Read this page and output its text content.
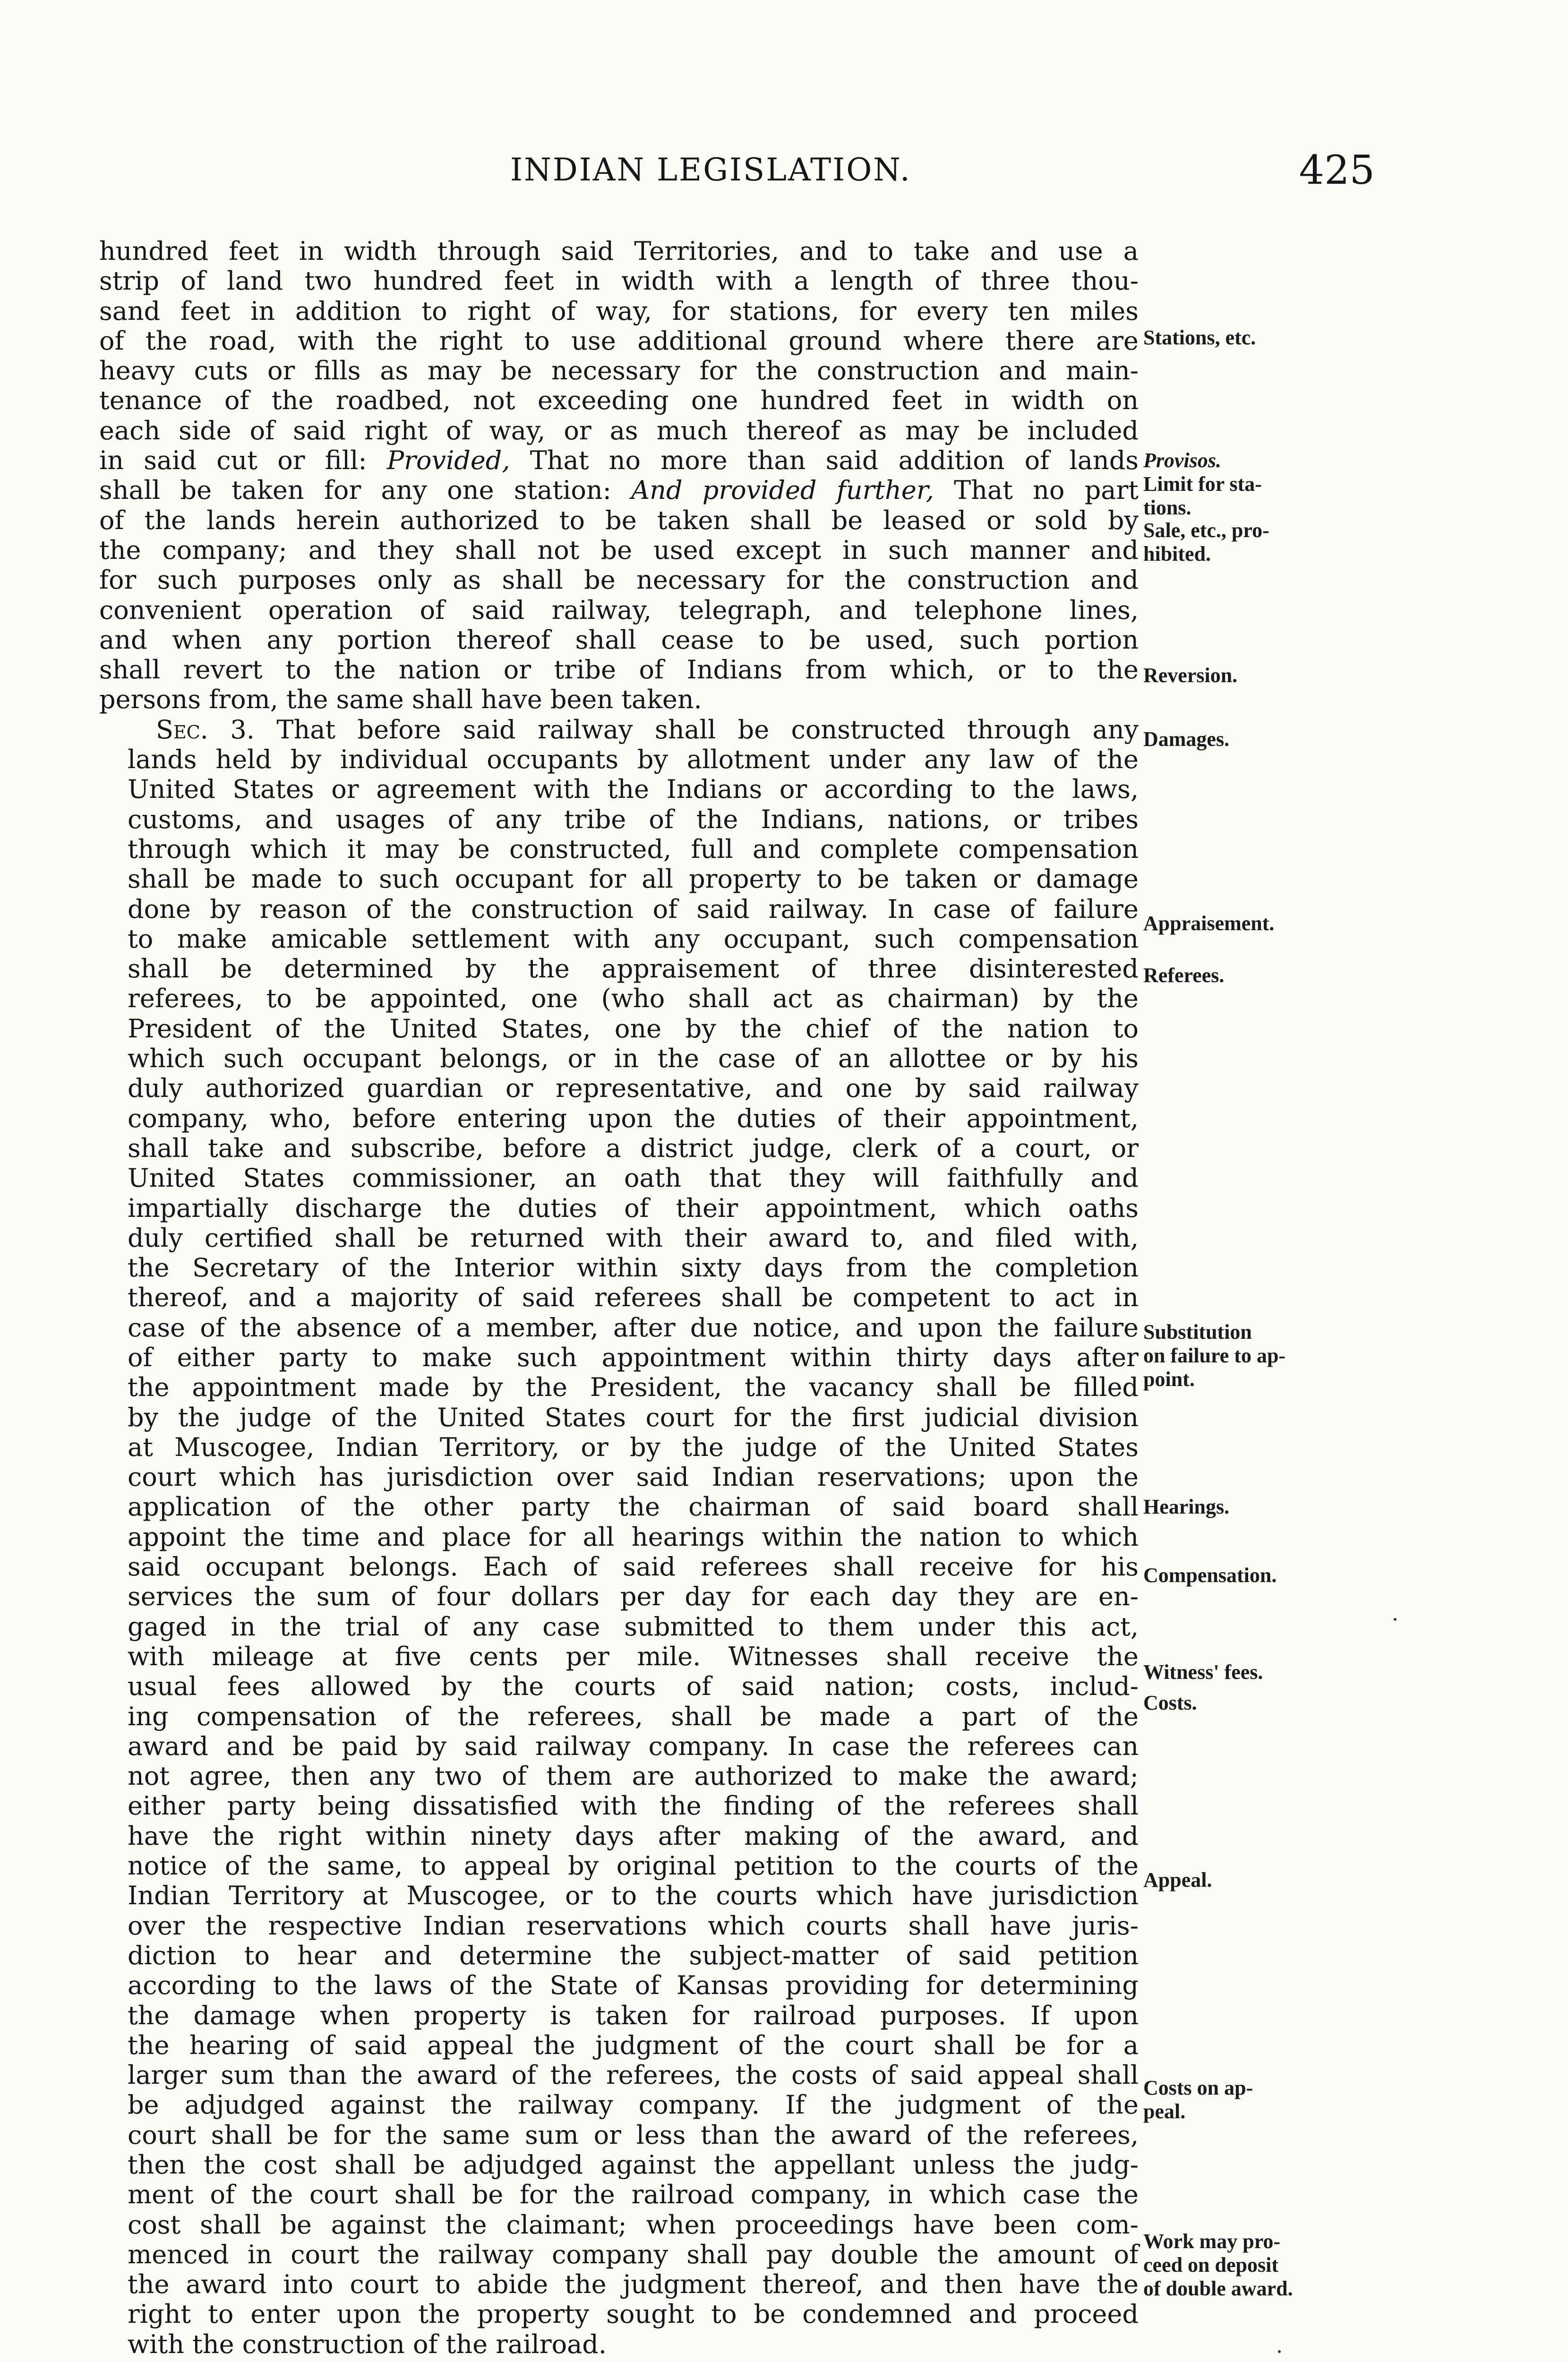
INDIAN LEGISLATION.	425

hundred feet in width through said Territories, and to take and use a
strip of land two hundred feet in width with a length of three thou-
sand feet in addition to right of way, for stations, for every ten miles
of the road, with the right to use additional ground where there are
heavy cuts or fills as may be necessary for the construction and main-
tenance of the roadbed, not exceeding one hundred feet in width on
each side of said right of way, or as much thereof as may be included
in said cut or fill: Provided, That no more than said addition of lands
shall be taken for any one station: And provided further, That no part
of the lands herein authorized to be taken shall be leased or sold by
the company; and they shall not be used except in such manner and
for such purposes only as shall be necessary for the construction and
convenient operation of said railway, telegraph, and telephone lines,
and when any portion thereof shall cease to be used, such portion
shall revert to the nation or tribe of Indians from which, or to the
persons from, the same shall have been taken.

Sec. 3. That before said railway shall be constructed through any
lands held by individual occupants by allotment under any law of the
United States or agreement with the Indians or according to the laws,
customs, and usages of any tribe of the Indians, nations, or tribes
through which it may be constructed, full and complete compensation
shall be made to such occupant for all property to be taken or damage
done by reason of the construction of said railway. In case of failure
to make amicable settlement with any occupant, such compensation
shall be determined by the appraisement of three disinterested
referees, to be appointed, one (who shall act as chairman) by the
President of the United States, one by the chief of the nation to
which such occupant belongs, or in the case of an allottee or by his
duly authorized guardian or representative, and one by said railway
company, who, before entering upon the duties of their appointment,
shall take and subscribe, before a district judge, clerk of a court, or
United States commissioner, an oath that they will faithfully and
impartially discharge the duties of their appointment, which oaths
duly certified shall be returned with their award to, and filed with,
the Secretary of the Interior within sixty days from the completion
thereof, and a majority of said referees shall be competent to act in
case of the absence of a member, after due notice, and upon the failure
of either party to make such appointment within thirty days after
the appointment made by the President, the vacancy shall be filled
by the judge of the United States court for the first judicial division
at Muscogee, Indian Territory, or by the judge of the United States
court which has jurisdiction over said Indian reservations; upon the
application of the other party the chairman of said board shall
appoint the time and place for all hearings within the nation to which
said occupant belongs. Each of said referees shall receive for his
services the sum of four dollars per day for each day they are en-
gaged in the trial of any case submitted to them under this act,
with mileage at five cents per mile. Witnesses shall receive the
usual fees allowed by the courts of said nation; costs, includ-
ing compensation of the referees, shall be made a part of the
award and be paid by said railway company. In case the referees can
not agree, then any two of them are authorized to make the award;
either party being dissatisfied with the finding of the referees shall
have the right within ninety days after making of the award, and
notice of the same, to appeal by original petition to the courts of the
Indian Territory at Muscogee, or to the courts which have jurisdiction
over the respective Indian reservations which courts shall have juris-
diction to hear and determine the subject-matter of said petition
according to the laws of the State of Kansas providing for determining
the damage when property is taken for railroad purposes. If upon
the hearing of said appeal the judgment of the court shall be for a
larger sum than the award of the referees, the costs of said appeal shall
be adjudged against the railway company. If the judgment of the
court shall be for the same sum or less than the award of the referees,
then the cost shall be adjudged against the appellant unless the judg-
ment of the court shall be for the railroad company, in which case the
cost shall be against the claimant; when proceedings have been com-
menced in court the railway company shall pay double the amount of
the award into court to abide the judgment thereof, and then have the
right to enter upon the property sought to be condemned and proceed
with the construction of the railroad.

Stations, etc.
Provisos.
Limit for sta-
tions.
Sale, etc., pro-
hibited.
Reversion.
Damages.
Appraisement.
Referees.
Substitution
on failure to ap-
point.
Hearings.
Compensation.
Witness' fees.
Costs.
Appeal.
Costs on ap-
peal.
Work may pro-
ceed on deposit
of double award.
